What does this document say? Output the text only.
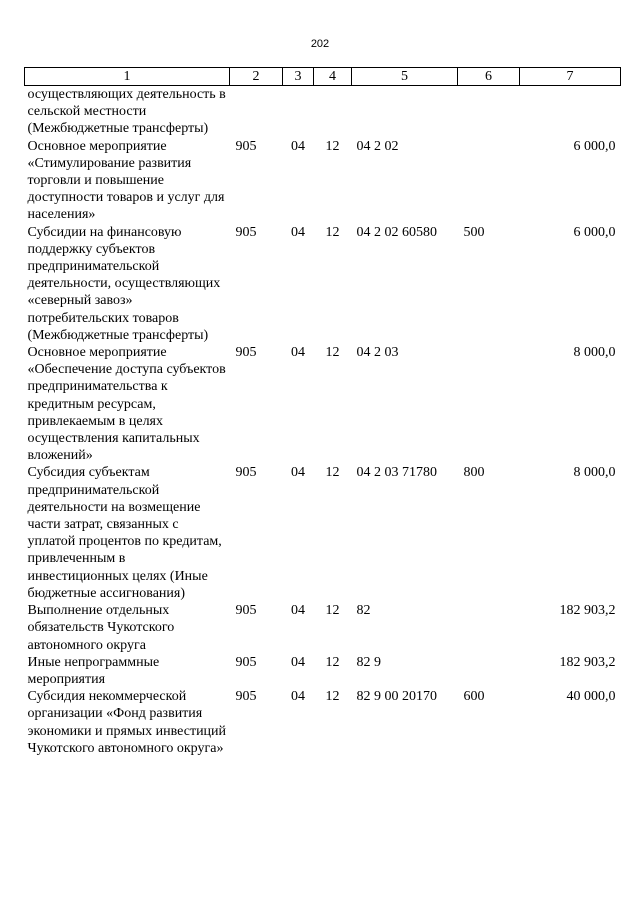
202
1	2	3	4	5	6	7
осуществляющих деятельность в сельской местности (Межбюджетные трансферты)						
Основное мероприятие «Стимулирование развития торговли и повышение доступности товаров и услуг для населения»	905	04	12	04 2 02		6 000,0
Субсидии на финансовую поддержку субъектов предпринимательской деятельности, осуществляющих «северный завоз» потребительских товаров (Межбюджетные трансферты)	905	04	12	04 2 02 60580	500	6 000,0
Основное мероприятие «Обеспечение доступа субъектов предпринимательства к кредитным ресурсам, привлекаемым в целях осуществления капитальных вложений»	905	04	12	04 2 03		8 000,0
Субсидия субъектам предпринимательской деятельности на возмещение части затрат, связанных с уплатой процентов по кредитам, привлеченным в инвестиционных целях (Иные бюджетные ассигнования)	905	04	12	04 2 03 71780	800	8 000,0
Выполнение отдельных обязательств Чукотского автономного округа	905	04	12	82		182 903,2
Иные непрограммные мероприятия	905	04	12	82 9		182 903,2
Субсидия некоммерческой организации «Фонд развития экономики и прямых инвестиций Чукотского автономного округа»	905	04	12	82 9 00 20170	600	40 000,0
